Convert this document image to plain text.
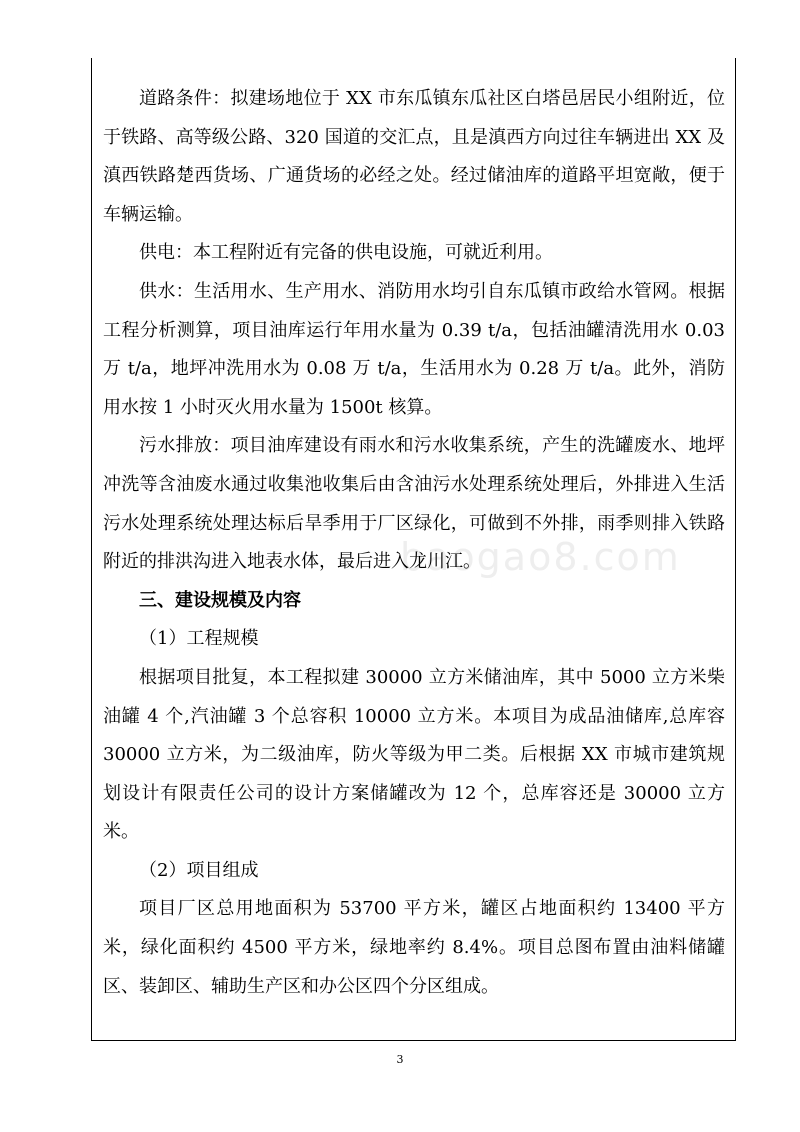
baogao8.com

道路条件：拟建场地位于 XX 市东瓜镇东瓜社区白塔邑居民小组附近，位于铁路、高等级公路、320 国道的交汇点，且是滇西方向过往车辆进出 XX 及滇西铁路楚西货场、广通货场的必经之处。经过储油库的道路平坦宽敞，便于车辆运输。

供电：本工程附近有完备的供电设施，可就近利用。

供水：生活用水、生产用水、消防用水均引自东瓜镇市政给水管网。根据工程分析测算，项目油库运行年用水量为 0.39 t/a，包括油罐清洗用水 0.03 万 t/a，地坪冲洗用水为 0.08 万 t/a，生活用水为 0.28 万 t/a。此外，消防用水按 1 小时灭火用水量为 1500t 核算。

污水排放：项目油库建设有雨水和污水收集系统，产生的洗罐废水、地坪冲洗等含油废水通过收集池收集后由含油污水处理系统处理后，外排进入生活污水处理系统处理达标后旱季用于厂区绿化，可做到不外排，雨季则排入铁路附近的排洪沟进入地表水体，最后进入龙川江。

三、建设规模及内容

（1）工程规模

根据项目批复，本工程拟建 30000 立方米储油库，其中 5000 立方米柴油罐 4 个,汽油罐 3 个总容积 10000 立方米。本项目为成品油储库,总库容 30000 立方米，为二级油库，防火等级为甲二类。后根据 XX 市城市建筑规划设计有限责任公司的设计方案储罐改为 12 个，总库容还是 30000 立方米。

（2）项目组成

项目厂区总用地面积为 53700 平方米，罐区占地面积约 13400 平方米，绿化面积约 4500 平方米，绿地率约 8.4%。项目总图布置由油料储罐区、装卸区、辅助生产区和办公区四个分区组成。

3
